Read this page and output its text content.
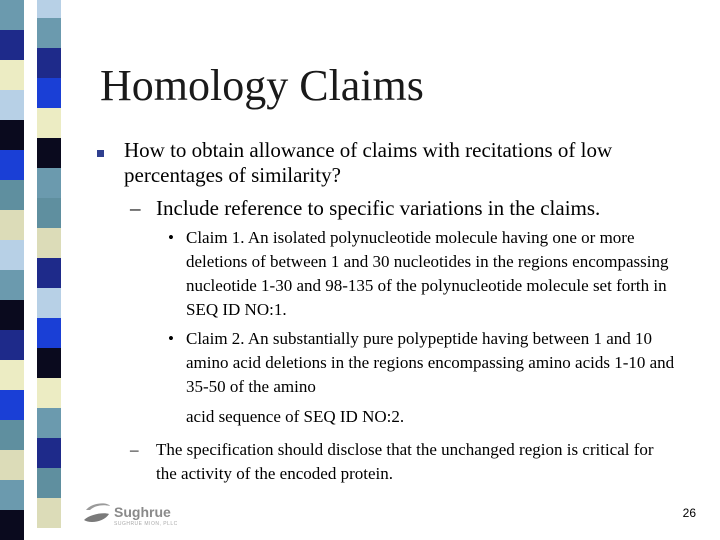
Homology Claims
How to obtain allowance of claims with recitations of low percentages of similarity?
– Include reference to specific variations in the claims.
• Claim 1. An isolated polynucleotide molecule having one or more deletions of between 1 and 30 nucleotides in the regions encompassing nucleotide 1-30 and 98-135 of the polynucleotide molecule set forth in SEQ ID NO:1.
• Claim 2. An substantially pure polypeptide having between 1 and 10 amino acid deletions in the regions encompassing amino acids 1-10 and 35-50 of the amino
acid sequence of SEQ ID NO:2.
– The specification should disclose that the unchanged region is critical for the activity of the encoded protein.
Sughrue
SUGHRUE MION, PLLC
26
